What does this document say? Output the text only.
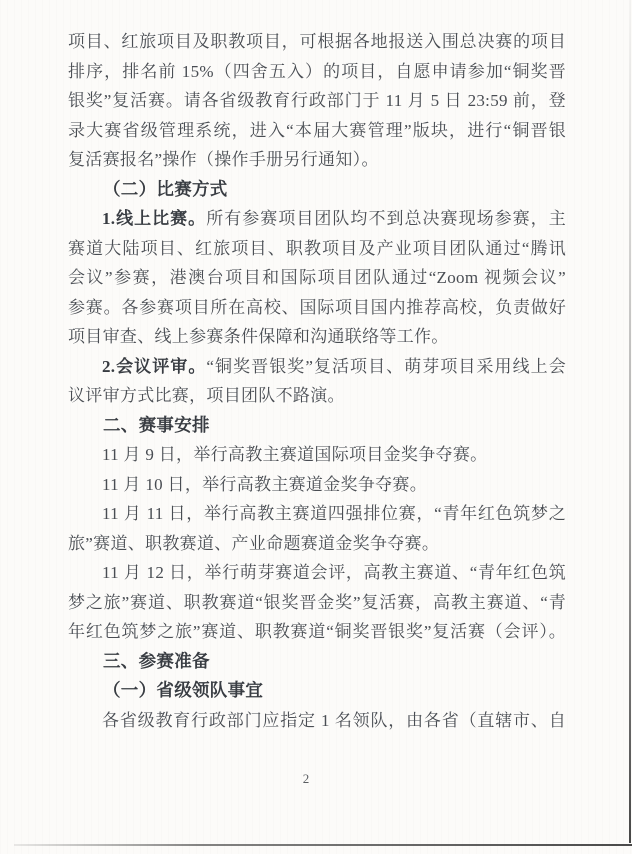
项目、红旅项目及职教项目，可根据各地报送入围总决赛的项目
排序，排名前 15%（四舍五入）的项目，自愿申请参加“铜奖晋
银奖”复活赛。请各省级教育行政部门于 11 月 5 日 23:59 前，登
录大赛省级管理系统，进入“本届大赛管理”版块，进行“铜晋银
复活赛报名”操作（操作手册另行通知）。
（二）比赛方式
1.线上比赛。所有参赛项目团队均不到总决赛现场参赛，主
赛道大陆项目、红旅项目、职教项目及产业项目团队通过“腾讯
会议”参赛，港澳台项目和国际项目团队通过“Zoom 视频会议”
参赛。各参赛项目所在高校、国际项目国内推荐高校，负责做好
项目审查、线上参赛条件保障和沟通联络等工作。
2.会议评审。“铜奖晋银奖”复活项目、萌芽项目采用线上会
议评审方式比赛，项目团队不路演。
二、赛事安排
11 月 9 日，举行高教主赛道国际项目金奖争夺赛。
11 月 10 日，举行高教主赛道金奖争夺赛。
11 月 11 日，举行高教主赛道四强排位赛，“青年红色筑梦之
旅”赛道、职教赛道、产业命题赛道金奖争夺赛。
11 月 12 日，举行萌芽赛道会评，高教主赛道、“青年红色筑
梦之旅”赛道、职教赛道“银奖晋金奖”复活赛，高教主赛道、“青
年红色筑梦之旅”赛道、职教赛道“铜奖晋银奖”复活赛（会评）。
三、参赛准备
（一）省级领队事宜
各省级教育行政部门应指定 1 名领队，由各省（直辖市、自
2
